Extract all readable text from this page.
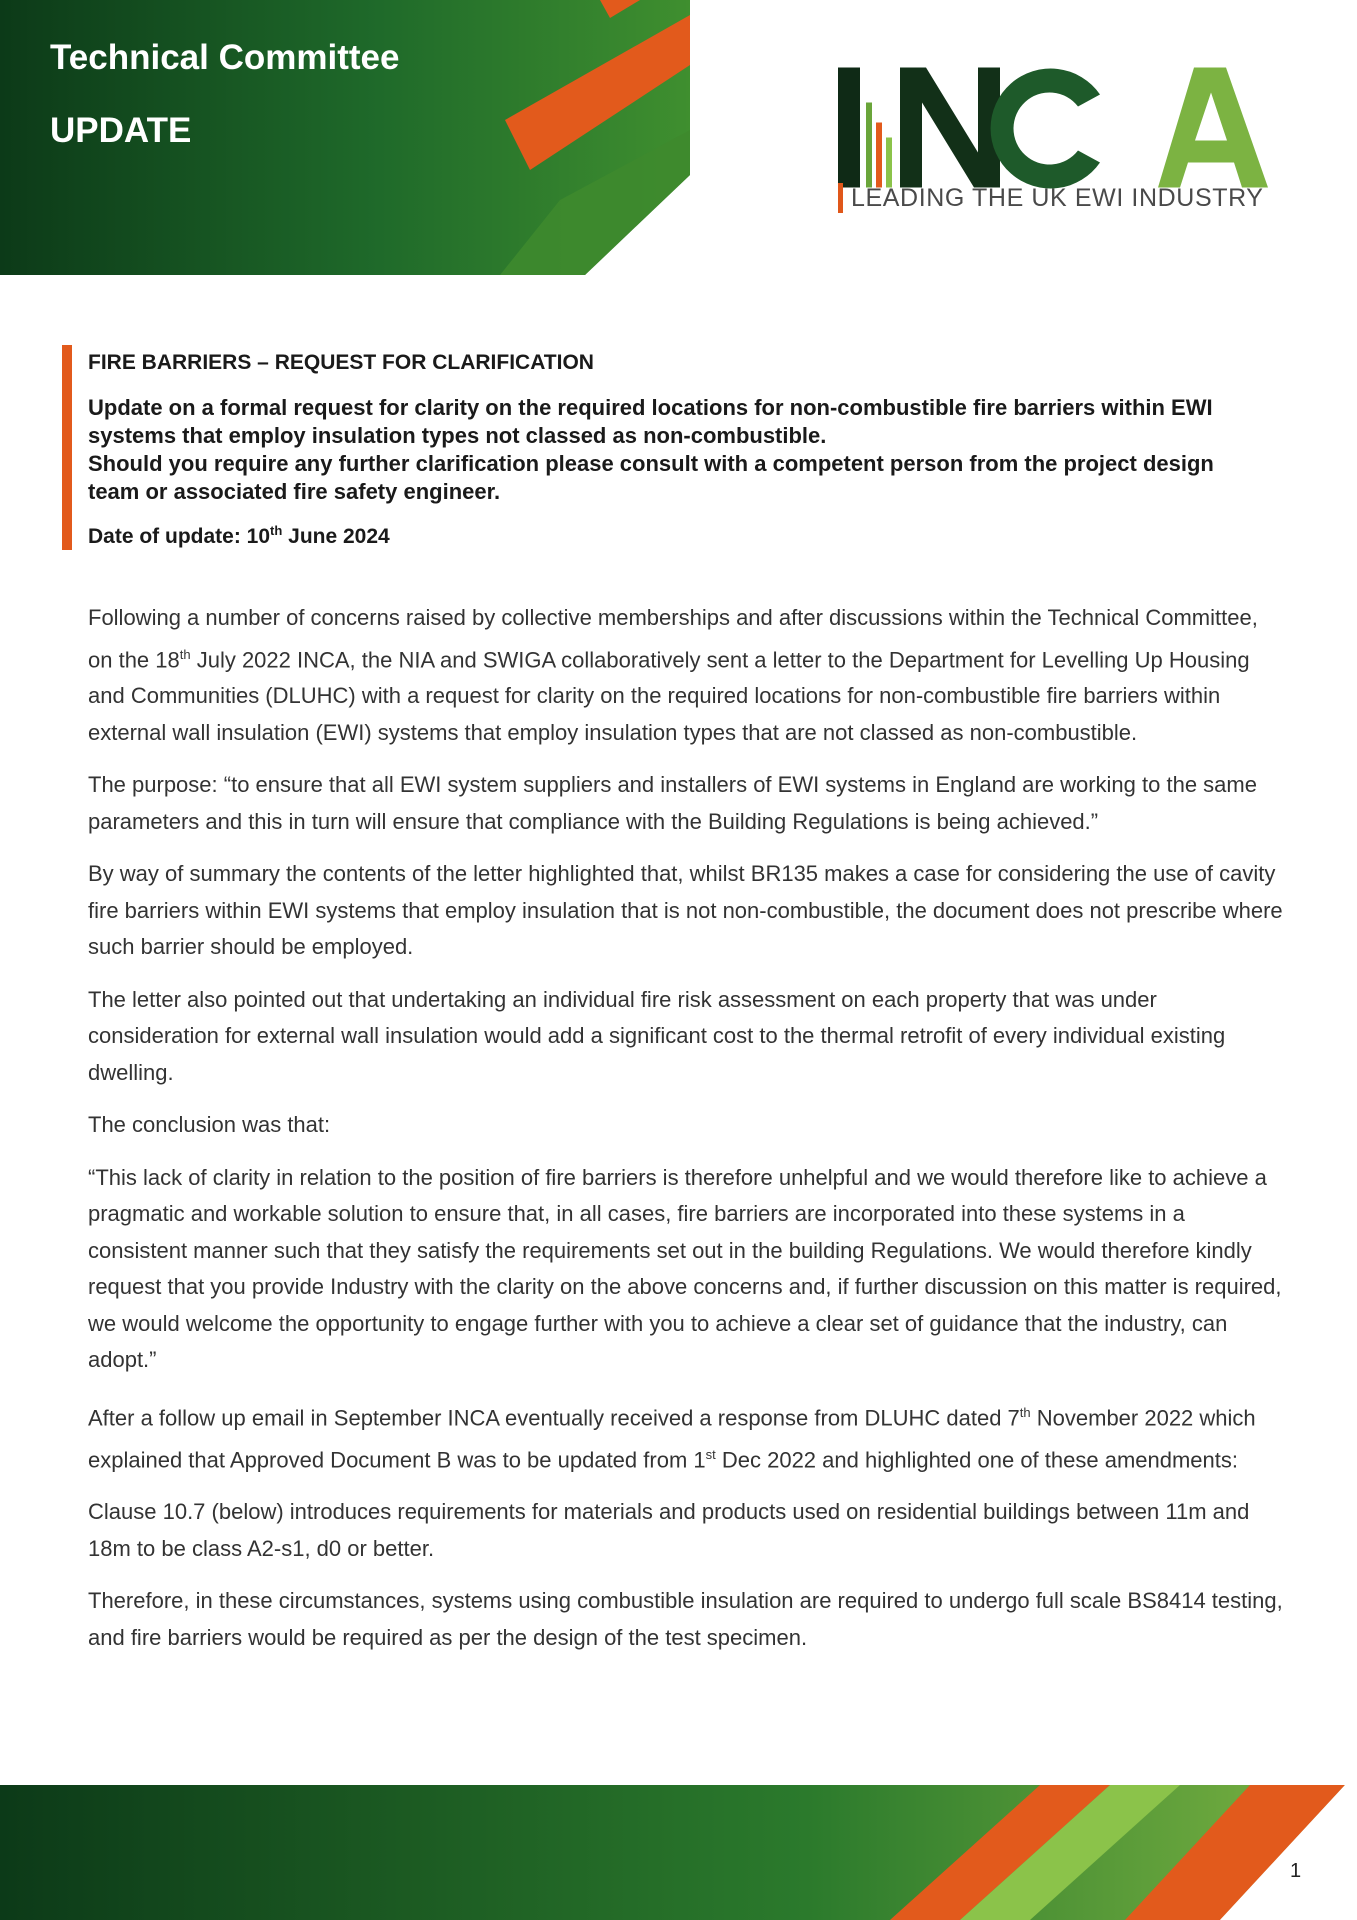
Technical Committee
UPDATE
LEADING THE UK EWI INDUSTRY
FIRE BARRIERS – REQUEST FOR CLARIFICATION

Update on a formal request for clarity on the required locations for non-combustible fire barriers within EWI systems that employ insulation types not classed as non-combustible.
Should you require any further clarification please consult with a competent person from the project design team or associated fire safety engineer.

Date of update: 10th June 2024

Following a number of concerns raised by collective memberships and after discussions within the Technical Committee, on the 18th July 2022 INCA, the NIA and SWIGA collaboratively sent a letter to the Department for Levelling Up Housing and Communities (DLUHC) with a request for clarity on the required locations for non-combustible fire barriers within external wall insulation (EWI) systems that employ insulation types that are not classed as non-combustible.

The purpose: “to ensure that all EWI system suppliers and installers of EWI systems in England are working to the same parameters and this in turn will ensure that compliance with the Building Regulations is being achieved.”

By way of summary the contents of the letter highlighted that, whilst BR135 makes a case for considering the use of cavity fire barriers within EWI systems that employ insulation that is not non-combustible, the document does not prescribe where such barrier should be employed.

The letter also pointed out that undertaking an individual fire risk assessment on each property that was under consideration for external wall insulation would add a significant cost to the thermal retrofit of every individual existing dwelling.

The conclusion was that:

“This lack of clarity in relation to the position of fire barriers is therefore unhelpful and we would therefore like to achieve a pragmatic and workable solution to ensure that, in all cases, fire barriers are incorporated into these systems in a consistent manner such that they satisfy the requirements set out in the building Regulations. We would therefore kindly request that you provide Industry with the clarity on the above concerns and, if further discussion on this matter is required, we would welcome the opportunity to engage further with you to achieve a clear set of guidance that the industry, can adopt.”

After a follow up email in September INCA eventually received a response from DLUHC dated 7th November 2022 which explained that Approved Document B was to be updated from 1st Dec 2022 and highlighted one of these amendments:

Clause 10.7 (below) introduces requirements for materials and products used on residential buildings between 11m and 18m to be class A2-s1, d0 or better.

Therefore, in these circumstances, systems using combustible insulation are required to undergo full scale BS8414 testing, and fire barriers would be required as per the design of the test specimen.

1
